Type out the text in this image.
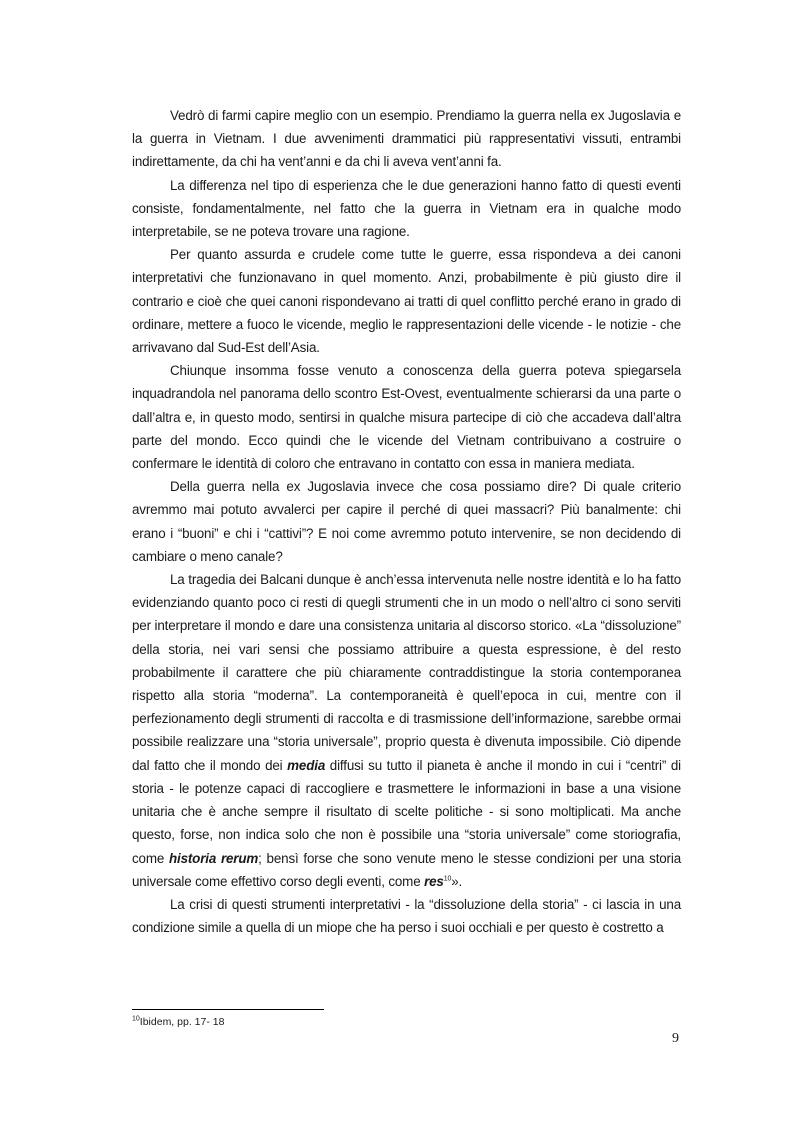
Vedrò di farmi capire meglio con un esempio. Prendiamo la guerra nella ex Jugoslavia e la guerra in Vietnam. I due avvenimenti drammatici più rappresentativi vissuti, entrambi indirettamente, da chi ha vent’anni e da chi li aveva vent’anni fa.

La differenza nel tipo di esperienza che le due generazioni hanno fatto di questi eventi consiste, fondamentalmente, nel fatto che la guerra in Vietnam era in qualche modo interpretabile, se ne poteva trovare una ragione.

Per quanto assurda e crudele come tutte le guerre, essa rispondeva a dei canoni interpretativi che funzionavano in quel momento. Anzi, probabilmente è più giusto dire il contrario e cioè che quei canoni rispondevano ai tratti di quel conflitto perché erano in grado di ordinare, mettere a fuoco le vicende, meglio le rappresentazioni delle vicende - le notizie - che arrivavano dal Sud-Est dell’Asia.

Chiunque insomma fosse venuto a conoscenza della guerra poteva spiegarsela inquadrandola nel panorama dello scontro Est-Ovest, eventualmente schierarsi da una parte o dall’altra e, in questo modo, sentirsi in qualche misura partecipe di ciò che accadeva dall’altra parte del mondo. Ecco quindi che le vicende del Vietnam contribuivano a costruire o confermare le identità di coloro che entravano in contatto con essa in maniera mediata.

Della guerra nella ex Jugoslavia invece che cosa possiamo dire? Di quale criterio avremmo mai potuto avvalerci per capire il perché di quei massacri? Più banalmente: chi erano i “buoni” e chi i “cattivi”? E noi come avremmo potuto intervenire, se non decidendo di cambiare o meno canale?

La tragedia dei Balcani dunque è anch’essa intervenuta nelle nostre identità e lo ha fatto evidenziando quanto poco ci resti di quegli strumenti che in un modo o nell’altro ci sono serviti per interpretare il mondo e dare una consistenza unitaria al discorso storico. «La “dissoluzione” della storia, nei vari sensi che possiamo attribuire a questa espressione, è del resto probabilmente il carattere che più chiaramente contraddistingue la storia contemporanea rispetto alla storia “moderna”. La contemporaneità è quell’epoca in cui, mentre con il perfezionamento degli strumenti di raccolta e di trasmissione dell’informazione, sarebbe ormai possibile realizzare una “storia universale”, proprio questa è divenuta impossibile. Ciò dipende dal fatto che il mondo dei media diffusi su tutto il pianeta è anche il mondo in cui i “centri” di storia - le potenze capaci di raccogliere e trasmettere le informazioni in base a una visione unitaria che è anche sempre il risultato di scelte politiche - si sono moltiplicati. Ma anche questo, forse, non indica solo che non è possibile una “storia universale” come storiografia, come historia rerum; bensì forse che sono venute meno le stesse condizioni per una storia universale come effettivo corso degli eventi, come res$^{10}$».

La crisi di questi strumenti interpretativi - la “dissoluzione della storia” - ci lascia in una condizione simile a quella di un miope che ha perso i suoi occhiali e per questo è costretto a

$^{10}$Ibidem, pp. 17- 18
9
